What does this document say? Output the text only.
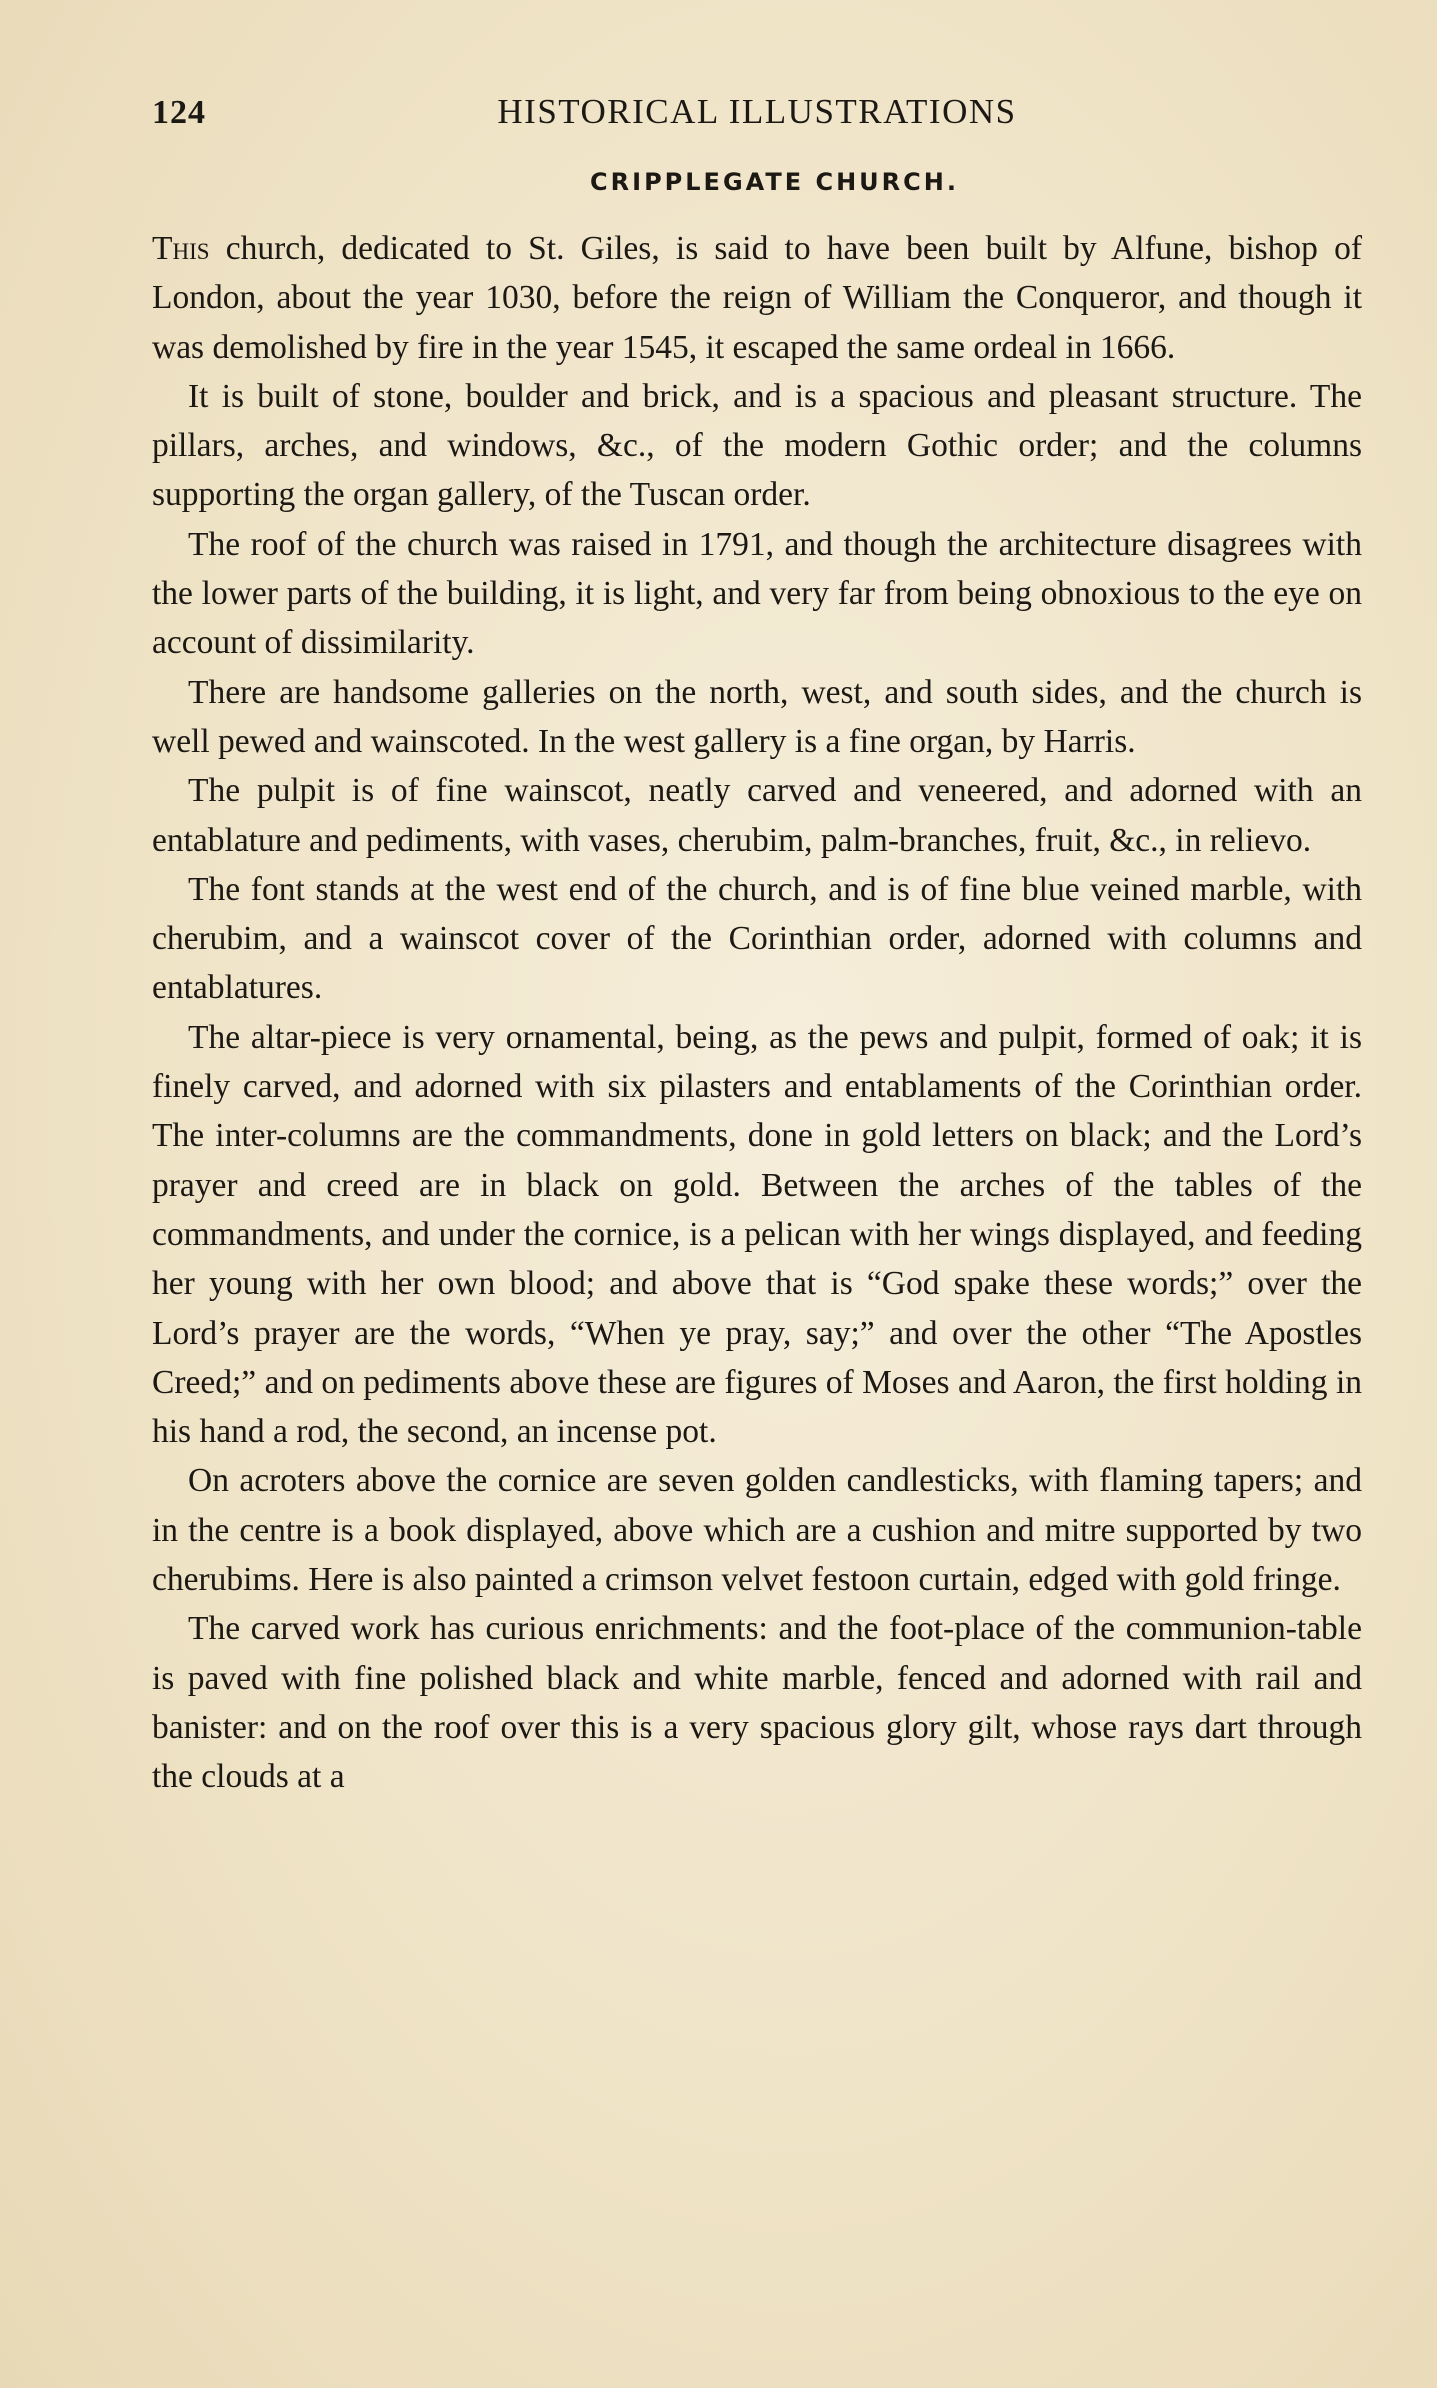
124	HISTORICAL ILLUSTRATIONS
CRIPPLEGATE CHURCH.

This church, dedicated to St. Giles, is said to have been built by Alfune, bishop of London, about the year 1030, before the reign of William the Conqueror, and though it was demolished by fire in the year 1545, it escaped the same ordeal in 1666.

It is built of stone, boulder and brick, and is a spacious and pleasant structure. The pillars, arches, and windows, &c., of the modern Gothic order; and the columns supporting the organ gallery, of the Tuscan order.

The roof of the church was raised in 1791, and though the architecture disagrees with the lower parts of the building, it is light, and very far from being obnoxious to the eye on account of dissimilarity.

There are handsome galleries on the north, west, and south sides, and the church is well pewed and wainscoted. In the west gallery is a fine organ, by Harris.

The pulpit is of fine wainscot, neatly carved and veneered, and adorned with an entablature and pediments, with vases, cherubim, palm-branches, fruit, &c., in relievo.

The font stands at the west end of the church, and is of fine blue veined marble, with cherubim, and a wainscot cover of the Corinthian order, adorned with columns and entablatures.

The altar-piece is very ornamental, being, as the pews and pulpit, formed of oak; it is finely carved, and adorned with six pilasters and entablaments of the Corinthian order. The inter-columns are the commandments, done in gold letters on black; and the Lord’s prayer and creed are in black on gold. Between the arches of the tables of the commandments, and under the cornice, is a pelican with her wings displayed, and feeding her young with her own blood; and above that is “God spake these words;” over the Lord’s prayer are the words, “When ye pray, say;” and over the other “The Apostles Creed;” and on pediments above these are figures of Moses and Aaron, the first holding in his hand a rod, the second, an incense pot.

On acroters above the cornice are seven golden candlesticks, with flaming tapers; and in the centre is a book displayed, above which are a cushion and mitre supported by two cherubims. Here is also painted a crimson velvet festoon curtain, edged with gold fringe.

The carved work has curious enrichments: and the foot-place of the communion-table is paved with fine polished black and white marble, fenced and adorned with rail and banister: and on the roof over this is a very spacious glory gilt, whose rays dart through the clouds at a
